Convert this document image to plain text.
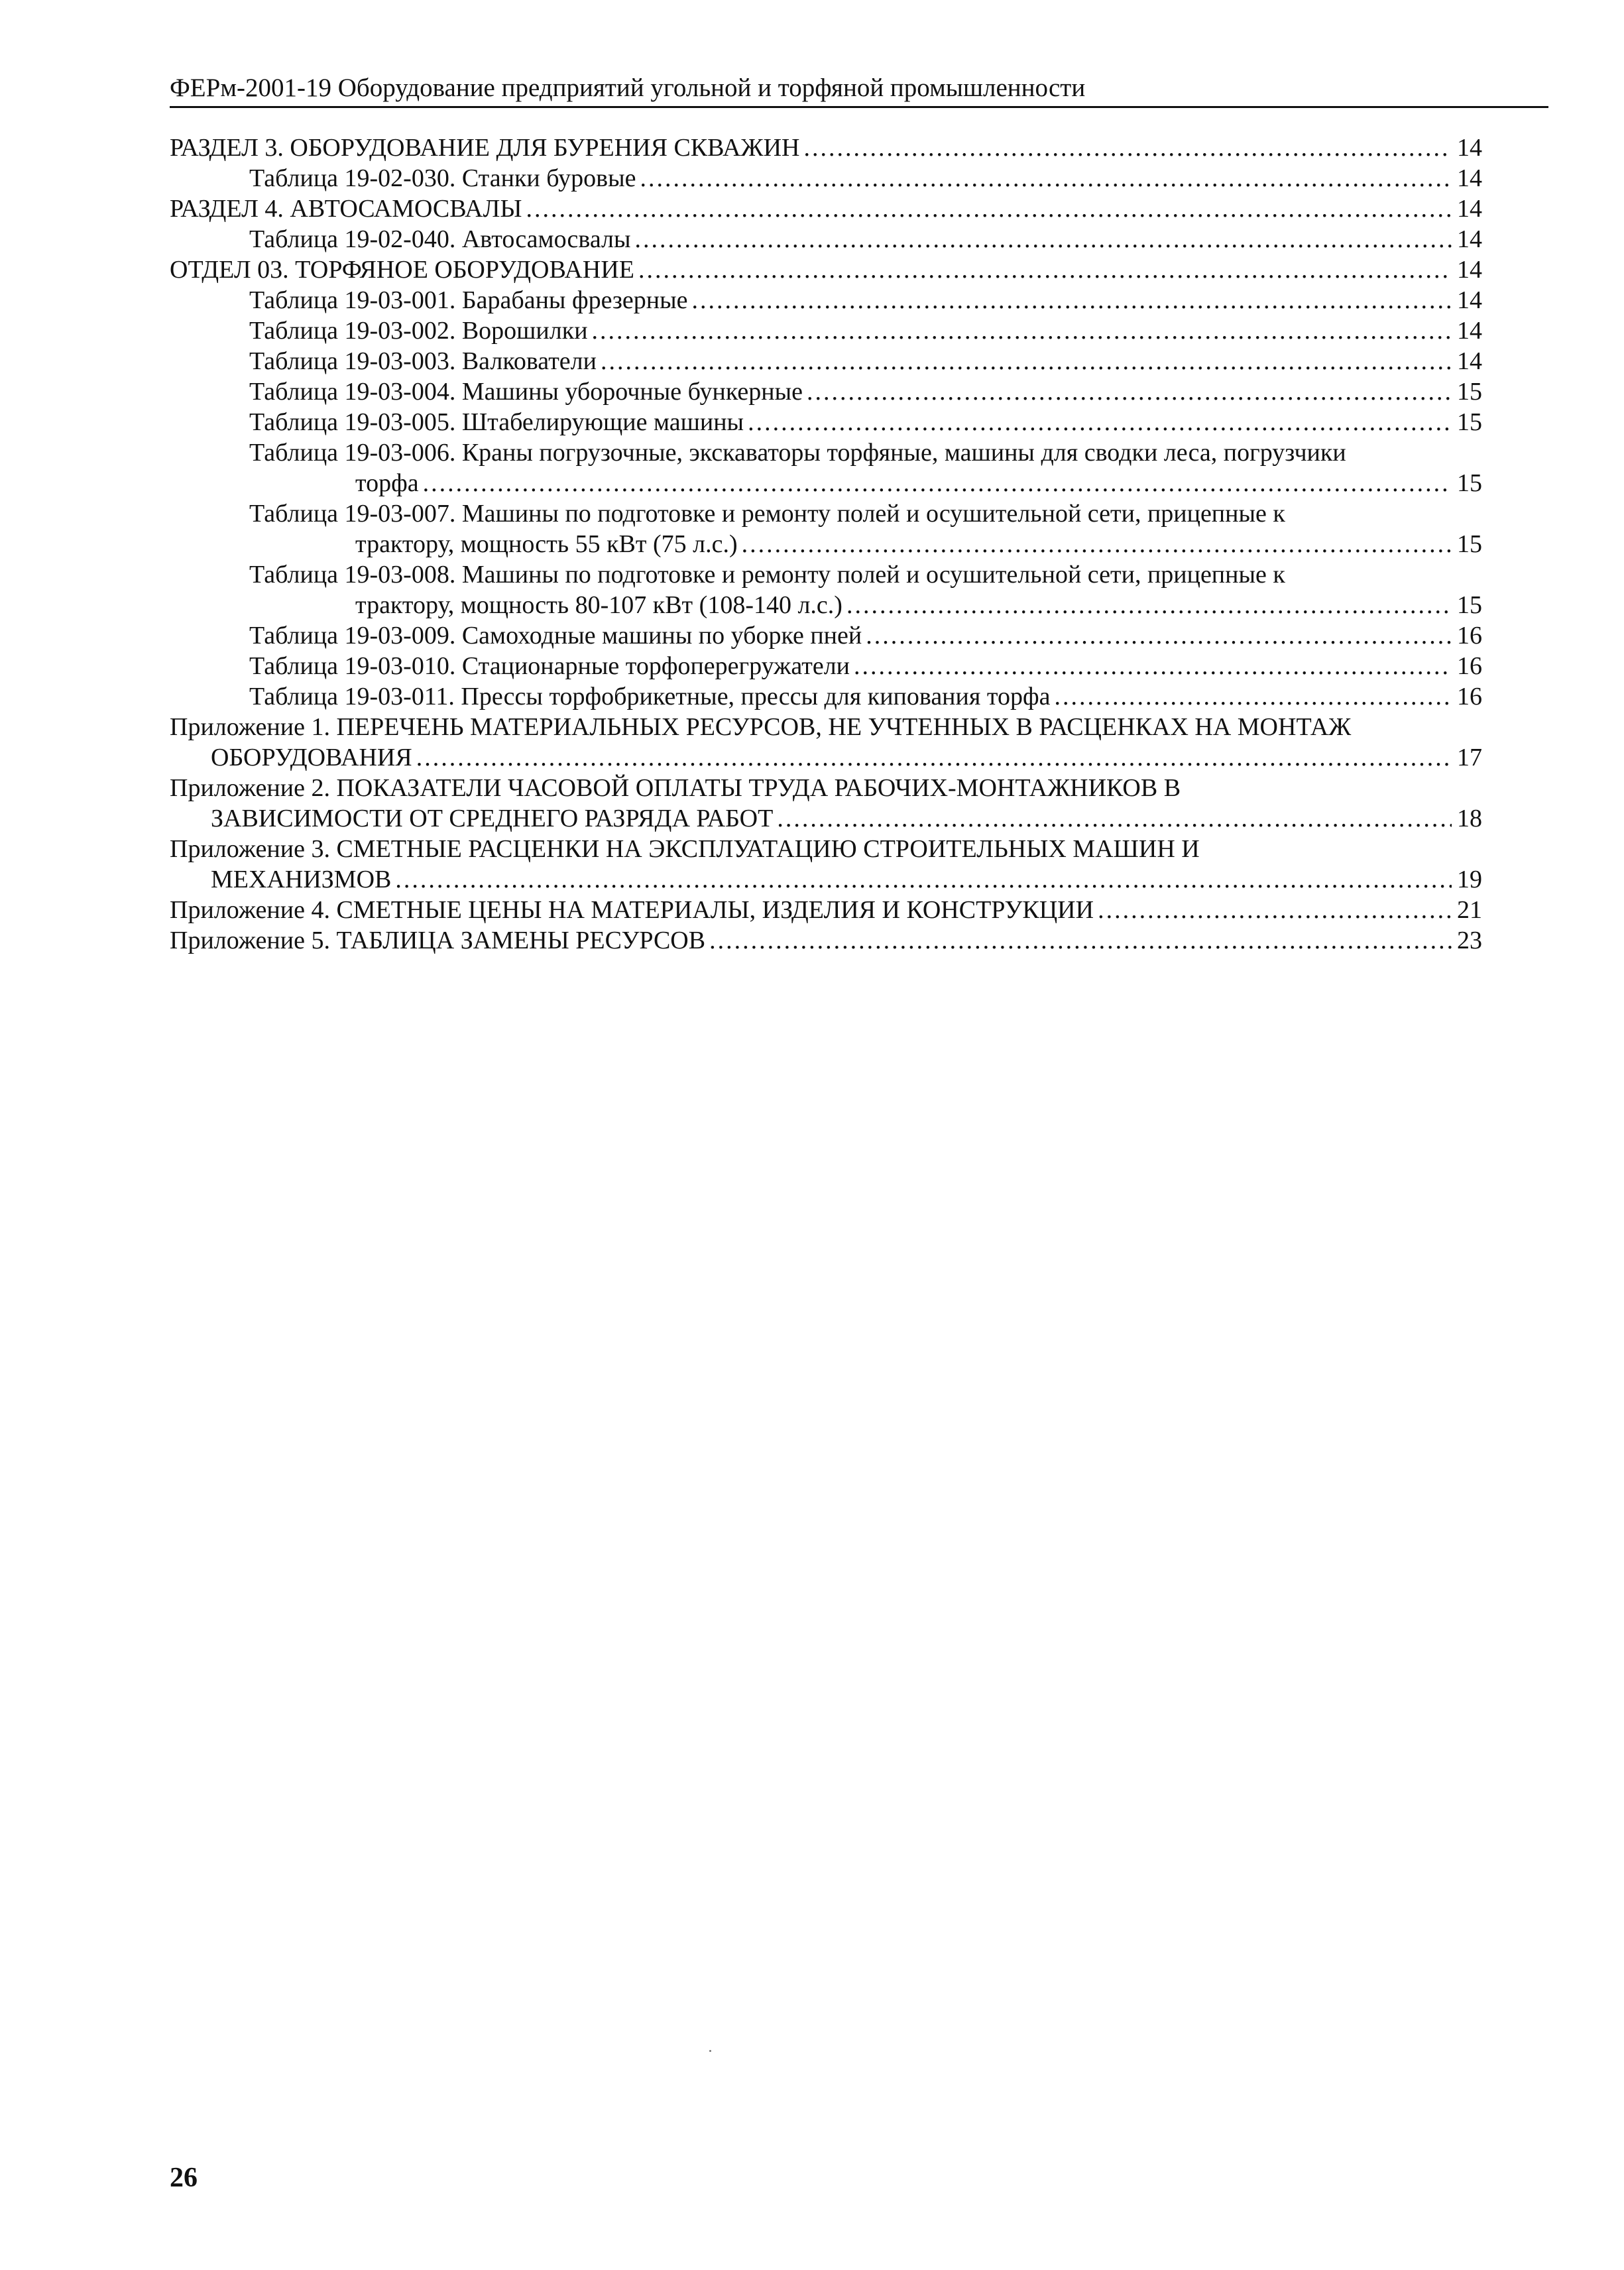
ФЕРм-2001-19 Оборудование предприятий угольной и торфяной промышленности
РАЗДЕЛ 3. ОБОРУДОВАНИЕ ДЛЯ БУРЕНИЯ СКВАЖИН .....	14
Таблица 19-02-030. Станки буровые .....	14
РАЗДЕЛ 4. АВТОСАМОСВАЛЫ .....	14
Таблица 19-02-040. Автосамосвалы .....	14
ОТДЕЛ 03. ТОРФЯНОЕ ОБОРУДОВАНИЕ .....	14
Таблица 19-03-001. Барабаны фрезерные .....	14
Таблица 19-03-002. Ворошилки .....	14
Таблица 19-03-003. Валкователи .....	14
Таблица 19-03-004. Машины уборочные бункерные .....	15
Таблица 19-03-005. Штабелирующие машины .....	15
Таблица 19-03-006. Краны погрузочные, экскаваторы торфяные, машины для сводки леса, погрузчики
торфа .....	15
Таблица 19-03-007. Машины по подготовке и ремонту полей и осушительной сети, прицепные к
трактору, мощность 55 кВт (75 л.с.) .....	15
Таблица 19-03-008. Машины по подготовке и ремонту полей и осушительной сети, прицепные к
трактору, мощность 80-107 кВт (108-140 л.с.) .....	15
Таблица 19-03-009. Самоходные машины по уборке пней .....	16
Таблица 19-03-010. Стационарные торфоперегружатели .....	16
Таблица 19-03-011. Прессы торфобрикетные, прессы для кипования торфа .....	16
Приложение 1. ПЕРЕЧЕНЬ МАТЕРИАЛЬНЫХ РЕСУРСОВ, НЕ УЧТЕННЫХ В РАСЦЕНКАХ НА МОНТАЖ
ОБОРУДОВАНИЯ .....	17
Приложение 2. ПОКАЗАТЕЛИ ЧАСОВОЙ ОПЛАТЫ ТРУДА РАБОЧИХ-МОНТАЖНИКОВ В
ЗАВИСИМОСТИ ОТ СРЕДНЕГО РАЗРЯДА РАБОТ .....	18
Приложение 3. СМЕТНЫЕ РАСЦЕНКИ НА ЭКСПЛУАТАЦИЮ СТРОИТЕЛЬНЫХ МАШИН И
МЕХАНИЗМОВ .....	19
Приложение 4. СМЕТНЫЕ ЦЕНЫ НА МАТЕРИАЛЫ, ИЗДЕЛИЯ И КОНСТРУКЦИИ .....	21
Приложение 5. ТАБЛИЦА ЗАМЕНЫ РЕСУРСОВ .....	23
26
